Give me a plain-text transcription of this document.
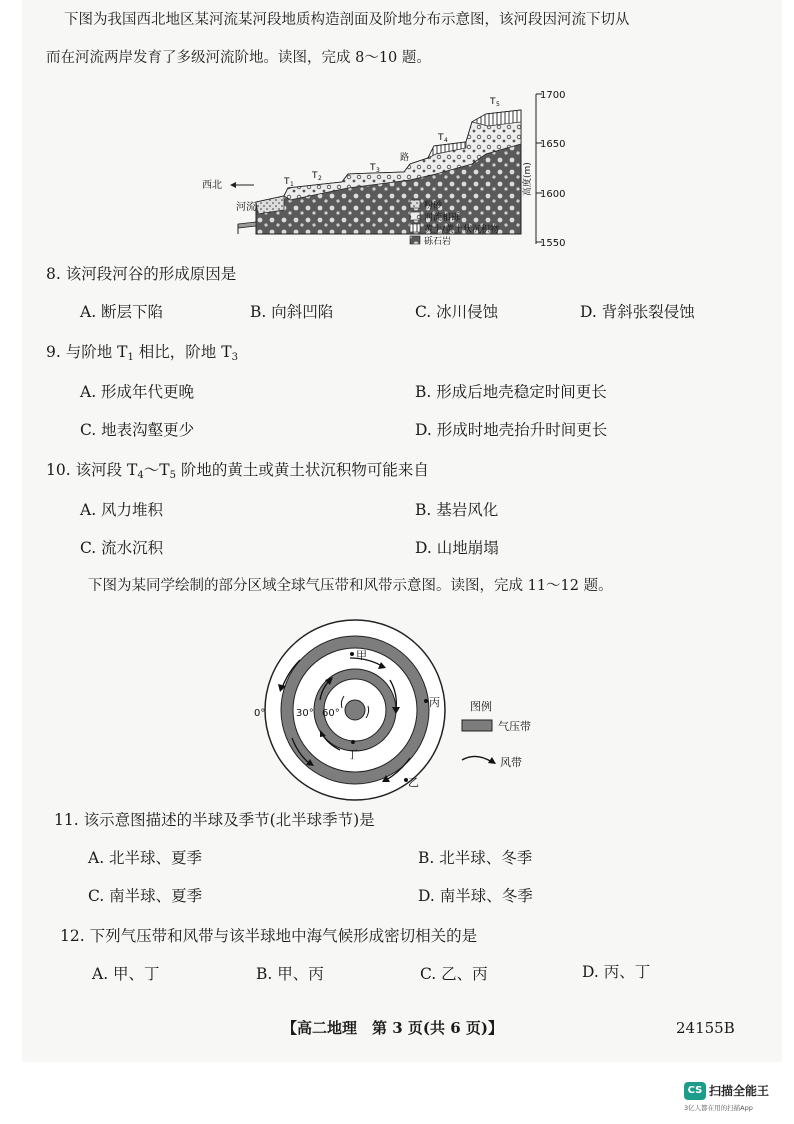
下图为我国西北地区某河流某河段地质构造剖面及阶地分布示意图，该河段因河流下切从
而在河流两岸发育了多级河流阶地。读图，完成 8～10 题。
T 1
T 2
T 3
T 4
T 5
路
河流
西北
1700
1650
1600
1550
高度(m)
粉砂
河流相砾
黄土/黄土状沉积物
砾石岩
8. 该河段河谷的形成原因是
A. 断层下陷	B. 向斜凹陷	C. 冰川侵蚀	D. 背斜张裂侵蚀
9. 与阶地 $T_1$ 相比，阶地 $T_3$
A. 形成年代更晚	B. 形成后地壳稳定时间更长
C. 地表沟壑更少	D. 形成时地壳抬升时间更长
10. 该河段 $T_4\sim T_5$ 阶地的黄土或黄土状沉积物可能来自
A. 风力堆积	B. 基岩风化
C. 流水沉积	D. 山地崩塌
下图为某同学绘制的部分区域全球气压带和风带示意图。读图，完成 11～12 题。
甲
丙
丁
乙
0°	30° 60°
图例
气压带
风带
11. 该示意图描述的半球及季节(北半球季节)是
A. 北半球、夏季	B. 北半球、冬季
C. 南半球、夏季	D. 南半球、冬季
12. 下列气压带和风带与该半球地中海气候形成密切相关的是
A. 甲、丁	B. 甲、丙	C. 乙、丙	D. 丙、丁
【高二地理　第 3 页(共 6 页)】	24155B
CS 扫描全能王
3亿人都在用的扫描App
